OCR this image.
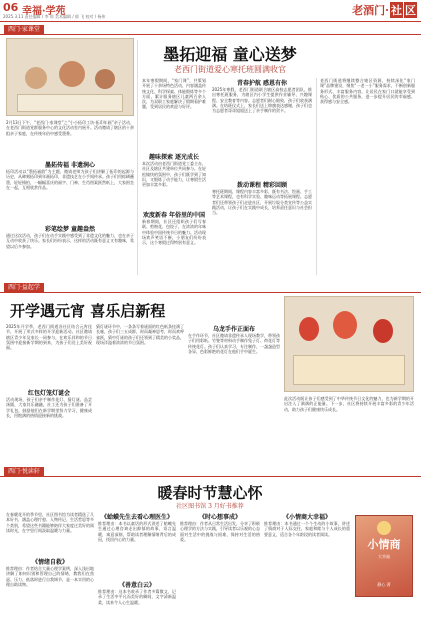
06 幸福·学苑
2025.3.11 责任编辑 / 李 琼 美术编辑 / 郁 飞 校对 / 杨伟	老酒门· 社 区
西门·家课堂
墨拓迎福 童心送梦
老西门街道爱心寒托班圆满收官
2月13日下午，“老西门·家课堂”之“小小拓印工坊·拓印年画”亲子活动，在老西门街道党群服务中心的文化活动室内展开。活动邀请了辖区的十余组亲子家庭，在传统年俗中感受墨香。
墨拓传福 非遗润心
拓印活动以“墨拓福韵”为主题，邀请老师为孩子们讲解了拓印的起源与历史，从碑刻拓印到年画拓印，非遗技艺在小手间传承。孩子们用棕刷蘸墨，轻轻捶拍，一幅幅喜庆的福字、门神、生肖图案跃然纸上，大家围坐在一起，互相欣赏作品。
彩笔绘梦 童趣盎然
通过这次活动，孩子们在动手实践中感受到了非遗文化的魅力，也在亲子互动中收获了快乐。家长们纷纷表示，这样的活动既有意义又有趣味，希望以后多参加。
本年寒假期间，“家门课”，共策划开展了十余场特色活动，内容涵盖传统文化、科学探索、体能锻炼等多个方面，累计服务辖区儿童两百余人次，为双职工家庭解决了假期看护难题，受到居民的欢迎与好评。
趣味探索 逐光成长
本次活动由老西门街道党工委主办，社区及辖区共建单位共同参与。在轻松愉快的氛围中，孩子们既学到了知识，又锻炼了动手能力，让寒假生活更加丰富多彩。
欢度新春 年俗里的中国
新春期间，社区还组织孩子们写春联、剪窗花、包饺子，在浓浓的年味中体验中国传统节日的魅力。活动现场欢声笑语不断，小朋友们纷纷表示，这个寒假过得特别有意义。
青春护航 感恩有你
2025年寒假，老西门街道联合辖区高校志愿者团队，推出寒托班服务，为辖区内小学生提供作业辅导、兴趣课程、安全教育等内容。志愿者们耐心细致，孩子们收获满满。在结班仪式上，家长们送上锦旗表达感谢，孩子们也为志愿者哥哥姐姐送上了亲手制作的贺卡。
拨动课程 精彩回顾
寒托班期间，课程内容丰富多彩，既有书法、绘画、手工等艺术课程，也有科学实验、趣味运动等拓展课程。志愿者们还带领孩子们走进社区，开展垃圾分类宣传等公益实践活动，让孩子们在实践中成长，培养责任意识与社会担当。
老西门街道将继续整合辖区资源，持续深化“家门课”品牌建设，聚焦“一老一小”服务需求，不断创新服务形式、丰富服务内容，让居民在家门口就能享受到贴心、优质的公共服务，进一步提升居民的幸福感、获得感与安全感。
西门·益起学
开学遇元宵 喜乐启新程
2025年开学季，老西门街道各社区结合元宵佳节，开展了形式多样的开学迎新活动。社区邀请辖区青少年及家长一同参与，在欢乐祥和的节日氛围中迎接新学期的到来，为孩子们送上美好祝福。
红包灯笼灯谜会
活动现场，孩子们亲手制作花灯、猜灯谜、品尝汤圆，大家其乐融融。社工还为孩子们准备了开学礼包，鼓励他们在新学期里努力学习、健康成长，用饱满的热情迎接新的挑战。
猜灯谜环节中，一条条写着谜面的红色纸条挂满了长廊，孩子们三五成群，时而凝神思考，时而欢呼雀跃，猜中灯谜的孩子们还领到了精美的小奖品，现场洋溢着浓浓的节日氛围。
乌龙手作正面布
在手作环节，社区邀请非遗传承人现场教学，带领孩子们用彩纸、竹签等材料动手制作兔子灯、荷花灯等传统花灯。孩子们认真学习，专注制作，一盏盏造型各异、色彩鲜艳的花灯在他们手中诞生。
此次活动既让孩子们感受到了中华传统节日文化的魅力，也为新学期的开启注入了满满的正能量。下一步，社区将持续开展丰富多彩的青少年活动，助力孩子们健康快乐成长。
西门·悦读轩
暖春时节慧心怀
社区图书馆 3 月好书推荐
在春暖花开的季节里，社区图书馆为读者精选了几本好书，涵盖心理疗愈、人物传记、生活哲思等多个类别，希望这些书籍能够陪伴大家度过美好的阅读时光，在字里行间汲取温暖与力量。
《情绪自救》
推荐理由：作者结合大量心理学案例，深入浅出地讲解了如何识别和管理自己的情绪，教我们在焦虑、压力、低落时进行自我调节，是一本实用的心理自助读物。
《蛤蟆先生去看心理医生》
推荐理由：本书以童话的形式讲述了蛤蟆先生通过心理咨询走出抑郁的故事，语言温暖，寓意深刻，帮助读者理解情绪背后的成因，找回内心的力量。
《善意白云》
推荐理由：这本书收录了作者多篇散文，记录了生活中平凡而美好的瞬间，文字清新温柔，读来令人心生温暖。
《时心想事成》
推荐理由：作者从日常生活出发，分享了积极心理学的方法与实践，引导读者以乐观的心态面对生活中的挑战与困难，保持对生活的热爱。
《小情商大幸福》
推荐理由：本书通过一个个生动的小故事，讲述了情商对于人际交往、家庭和睦与个人成长的重要意义，适合各个年龄段的读者阅读。
小情商
大幸福
静心 著
